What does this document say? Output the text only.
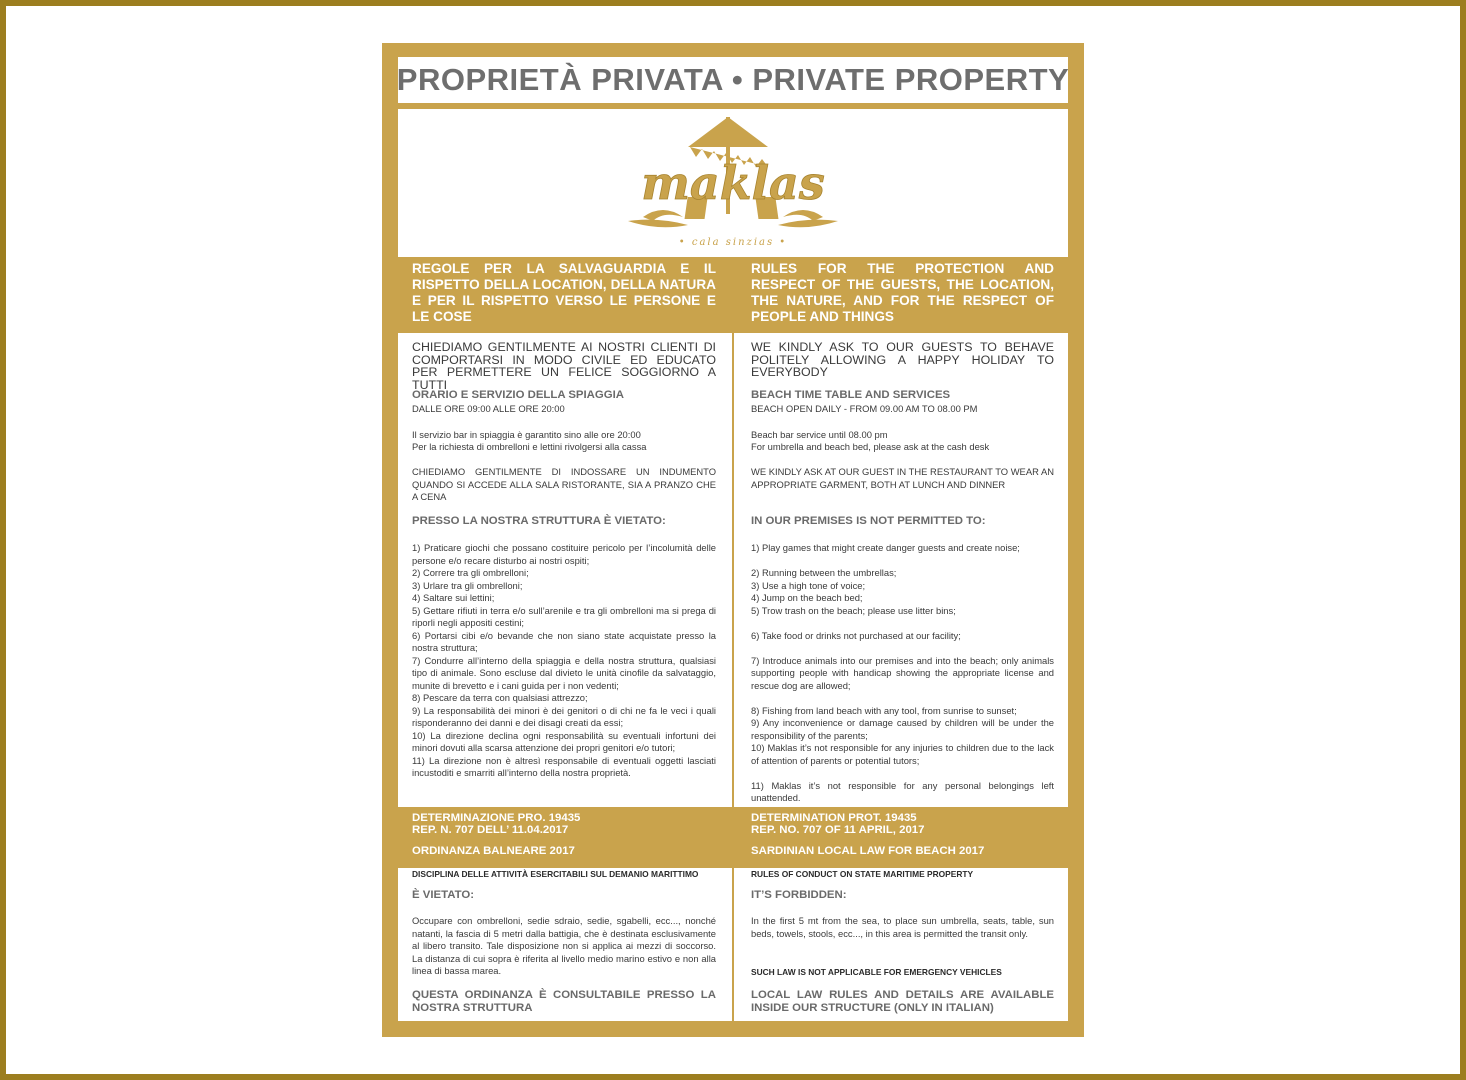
PROPRIETÀ PRIVATA • PRIVATE PROPERTY
maklas
• cala sinzias •
REGOLE PER LA SALVAGUARDIA E IL RISPETTO DELLA LOCATION, DELLA NATURA E PER IL RISPETTO VERSO LE PERSONE E LE COSE
RULES FOR THE PROTECTION AND RESPECT OF THE GUESTS, THE LOCATION, THE NATURE, AND FOR THE RESPECT OF PEOPLE AND THINGS
CHIEDIAMO GENTILMENTE AI NOSTRI CLIENTI DI COMPORTARSI IN MODO CIVILE ED EDUCATO PER PERMETTERE UN FELICE SOGGIORNO A TUTTI
ORARIO E SERVIZIO DELLA SPIAGGIA
DALLE ORE 09:00 ALLE ORE 20:00
Il servizio bar in spiaggia è garantito sino alle ore 20:00
Per la richiesta di ombrelloni e lettini rivolgersi alla cassa
CHIEDIAMO GENTILMENTE DI INDOSSARE UN INDUMENTO QUANDO SI ACCEDE ALLA SALA RISTORANTE, SIA A PRANZO CHE A CENA
PRESSO LA NOSTRA STRUTTURA È VIETATO:
1) Praticare giochi che possano costituire pericolo per l’incolumità delle persone e/o recare disturbo ai nostri ospiti;
2) Correre tra gli ombrelloni;
3) Urlare tra gli ombrelloni;
4) Saltare sui lettini;
5) Gettare rifiuti in terra e/o sull’arenile e tra gli ombrelloni ma si prega di riporli negli appositi cestini;
6) Portarsi cibi e/o bevande che non siano state acquistate presso la nostra struttura;
7) Condurre all’interno della spiaggia e della nostra struttura, qualsiasi tipo di animale. Sono escluse dal divieto le unità cinofile da salvataggio, munite di brevetto e i cani guida per i non vedenti;
8) Pescare da terra con qualsiasi attrezzo;
9) La responsabilità dei minori è dei genitori o di chi ne fa le veci i quali risponderanno dei danni e dei disagi creati da essi;
10) La direzione declina ogni responsabilità su eventuali infortuni dei minori dovuti alla scarsa attenzione dei propri genitori e/o tutori;
11) La direzione non è altresì responsabile di eventuali oggetti lasciati incustoditi e smarriti all’interno della nostra proprietà.
WE KINDLY ASK TO OUR GUESTS TO BEHAVE POLITELY ALLOWING A HAPPY HOLIDAY TO EVERYBODY
BEACH TIME TABLE AND SERVICES
BEACH OPEN DAILY - FROM 09.00 AM TO 08.00 PM
Beach bar service until 08.00 pm
For umbrella and beach bed, please ask at the cash desk
WE KINDLY ASK AT OUR GUEST IN THE RESTAURANT TO WEAR AN APPROPRIATE GARMENT, BOTH AT LUNCH AND DINNER
IN OUR PREMISES IS NOT PERMITTED TO:
1) Play games that might create danger guests and create noise;

2) Running between the umbrellas;
3) Use a high tone of voice;
4) Jump on the beach bed;
5) Trow trash on the beach; please use litter bins;

6) Take food or drinks not purchased at our facility;

7) Introduce animals into our premises and into the beach; only animals supporting people with handicap showing the appropriate license and rescue dog are allowed;

8) Fishing from land beach with any tool, from sunrise to sunset;
9) Any inconvenience or damage caused by children will be under the responsibility of the parents;
10) Maklas it’s not responsible for any injuries to children due to the lack of attention of parents or potential tutors;

11) Maklas it’s not responsible for any personal belongings left unattended.
DETERMINAZIONE PRO. 19435
REP. N. 707 DELL’ 11.04.2017
ORDINANZA BALNEARE 2017
DETERMINATION PROT. 19435
REP. NO. 707 OF 11 APRIL, 2017
SARDINIAN LOCAL LAW FOR BEACH 2017
DISCIPLINA DELLE ATTIVITÀ ESERCITABILI SUL DEMANIO MARITTIMO
È VIETATO:
Occupare con ombrelloni, sedie sdraio, sedie, sgabelli, ecc..., nonché natanti, la fascia di 5 metri dalla battigia, che è destinata esclusivamente al libero transito. Tale disposizione non si applica ai mezzi di soccorso. La distanza di cui sopra è riferita al livello medio marino estivo e non alla linea di bassa marea.
QUESTA ORDINANZA È CONSULTABILE PRESSO LA NOSTRA STRUTTURA
RULES OF CONDUCT ON STATE MARITIME PROPERTY
IT’S FORBIDDEN:
In the first 5 mt from the sea, to place sun umbrella, seats, table, sun beds, towels, stools, ecc..., in this area is permitted the transit only.
SUCH LAW IS NOT APPLICABLE FOR EMERGENCY VEHICLES
LOCAL LAW RULES AND DETAILS ARE AVAILABLE INSIDE OUR STRUCTURE (ONLY IN ITALIAN)
